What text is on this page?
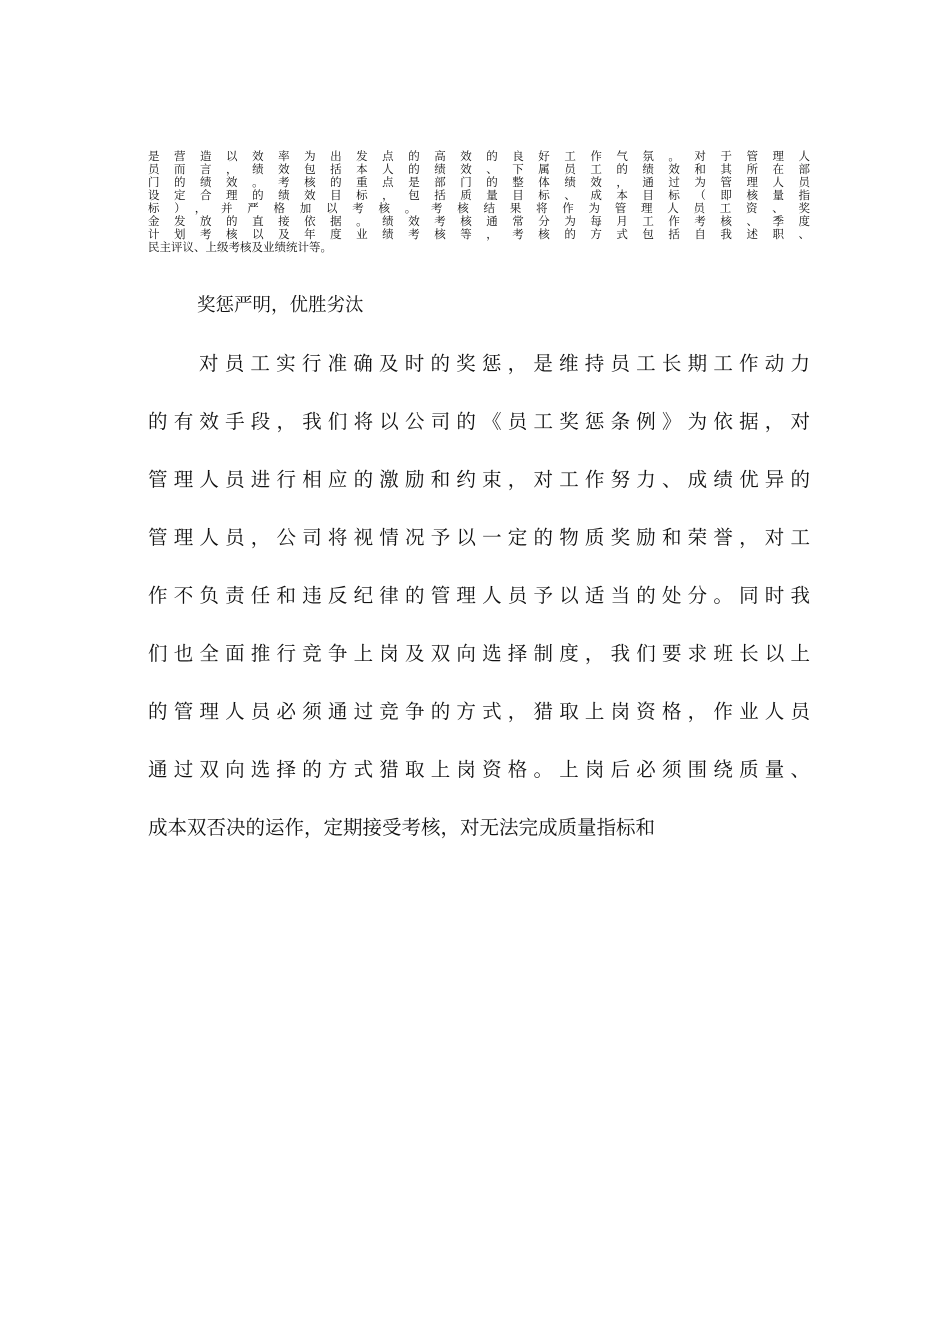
是营造以效率为出发点的高效的良好工作气氛。对于管理人
员而言，绩效包括本人的绩效、下属员工的绩效和其所在部
门的绩效。考核的重点是部门的整体绩效，通过为管理人员
设定合理的绩效目标，包括质量目标、成本目标（即核量指
标），并严格加以考核。考核结果将作为管理人员工资、奖
金发放的直接依据。绩效考核通常分为每月工作考核、季度
计划考核以及年度业绩考核等，考核的方式包括自我述职、
民主评议、上级考核及业绩统计等。
奖惩严明，优胜劣汰
对员工实行准确及时的奖惩，是维持员工长期工作动力
的有效手段，我们将以公司的《员工奖惩条例》为依据，对
管理人员进行相应的激励和约束，对工作努力、成绩优异的
管理人员，公司将视情况予以一定的物质奖励和荣誉，对工
作不负责任和违反纪律的管理人员予以适当的处分。同时我
们也全面推行竞争上岗及双向选择制度，我们要求班长以上
的管理人员必须通过竞争的方式，猎取上岗资格，作业人员
通过双向选择的方式猎取上岗资格。上岗后必须围绕质量、
成本双否决的运作，定期接受考核，对无法完成质量指标和
